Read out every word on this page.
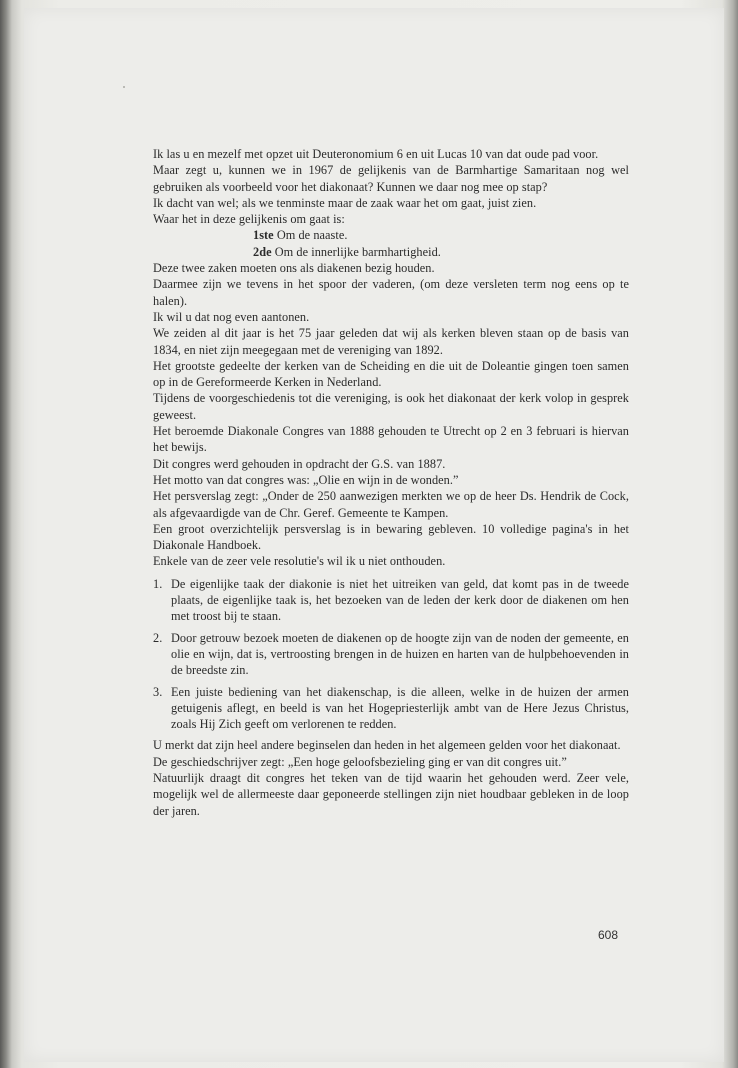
Ik las u en mezelf met opzet uit Deuteronomium 6 en uit Lucas 10 van dat oude pad voor.

Maar zegt u, kunnen we in 1967 de gelijkenis van de Barmhartige Samaritaan nog wel gebruiken als voorbeeld voor het diakonaat? Kunnen we daar nog mee op stap?

Ik dacht van wel; als we tenminste maar de zaak waar het om gaat, juist zien.

Waar het in deze gelijkenis om gaat is:

1ste Om de naaste.

2de Om de innerlijke barmhartigheid.

Deze twee zaken moeten ons als diakenen bezig houden.

Daarmee zijn we tevens in het spoor der vaderen, (om deze versleten term nog eens op te halen).

Ik wil u dat nog even aantonen.

We zeiden al dit jaar is het 75 jaar geleden dat wij als kerken bleven staan op de basis van 1834, en niet zijn meegegaan met de vereniging van 1892.

Het grootste gedeelte der kerken van de Scheiding en die uit de Doleantie gingen toen samen op in de Gereformeerde Kerken in Nederland.

Tijdens de voorgeschiedenis tot die vereniging, is ook het diakonaat der kerk volop in gesprek geweest.

Het beroemde Diakonale Congres van 1888 gehouden te Utrecht op 2 en 3 februari is hiervan het bewijs.

Dit congres werd gehouden in opdracht der G.S. van 1887.

Het motto van dat congres was: „Olie en wijn in de wonden.”

Het persverslag zegt: „Onder de 250 aanwezigen merkten we op de heer Ds. Hendrik de Cock, als afgevaardigde van de Chr. Geref. Gemeente te Kampen.

Een groot overzichtelijk persverslag is in bewaring gebleven. 10 volledige pagina's in het Diakonale Handboek.

Enkele van de zeer vele resolutie's wil ik u niet onthouden.

1. De eigenlijke taak der diakonie is niet het uitreiken van geld, dat komt pas in de tweede plaats, de eigenlijke taak is, het bezoeken van de leden der kerk door de diakenen om hen met troost bij te staan.
2. Door getrouw bezoek moeten de diakenen op de hoogte zijn van de noden der gemeente, en olie en wijn, dat is, vertroosting brengen in de huizen en harten van de hulpbehoevenden in de breedste zin.
3. Een juiste bediening van het diakenschap, is die alleen, welke in de huizen der armen getuigenis aflegt, en beeld is van het Hogepriesterlijk ambt van de Here Jezus Christus, zoals Hij Zich geeft om verlorenen te redden.

U merkt dat zijn heel andere beginselen dan heden in het algemeen gelden voor het diakonaat.

De geschiedschrijver zegt: „Een hoge geloofsbezieling ging er van dit congres uit.”

Natuurlijk draagt dit congres het teken van de tijd waarin het gehouden werd. Zeer vele, mogelijk wel de allermeeste daar geponeerde stellingen zijn niet houdbaar gebleken in de loop der jaren.

608
